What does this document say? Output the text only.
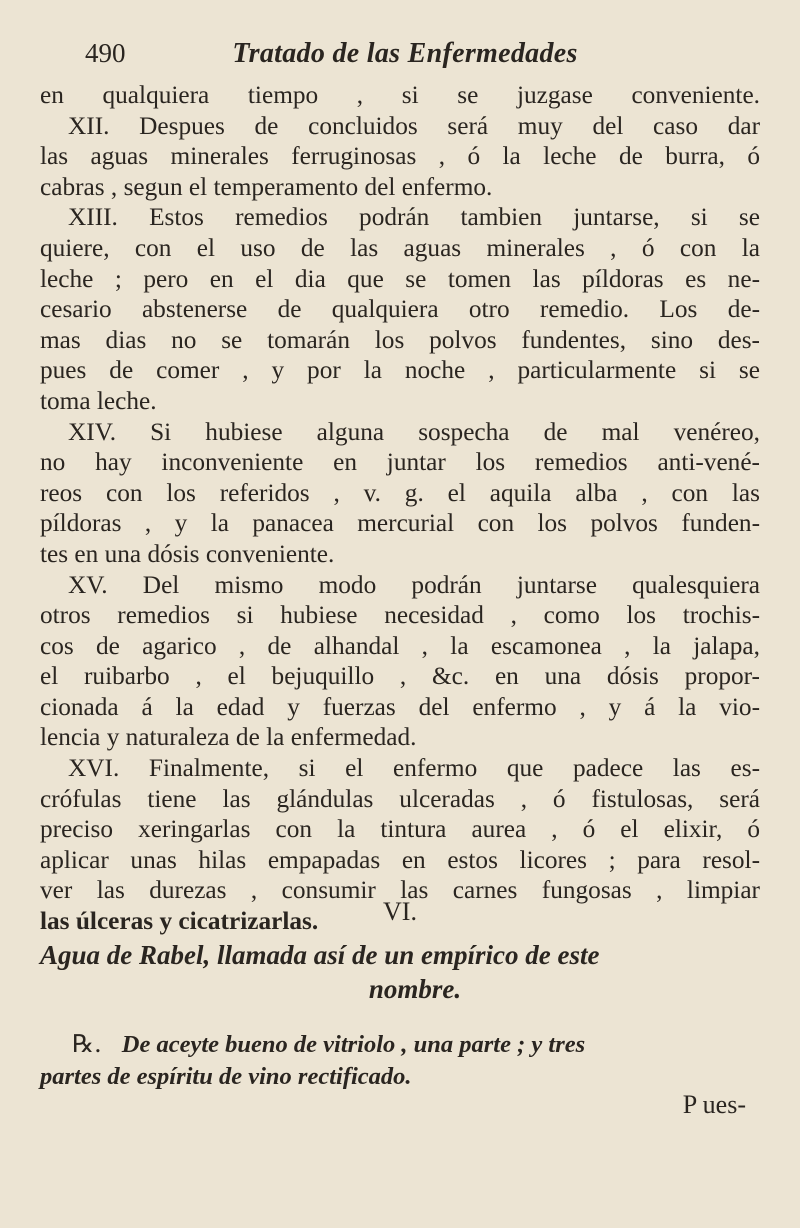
490	Tratado de las Enfermedades
en qualquiera tiempo , si se juzgase conveniente.
XII. Despues de concluidos será muy del caso dar
las aguas minerales ferruginosas , ó la leche de burra, ó
cabras , segun el temperamento del enfermo.
XIII. Estos remedios podrán tambien juntarse, si se
quiere, con el uso de las aguas minerales , ó con la
leche ; pero en el dia que se tomen las píldoras es ne-
cesario abstenerse de qualquiera otro remedio. Los de-
mas dias no se tomarán los polvos fundentes, sino des-
pues de comer , y por la noche , particularmente si se
toma leche.
XIV. Si hubiese alguna sospecha de mal venéreo,
no hay inconveniente en juntar los remedios anti-vené-
reos con los referidos , v. g. el aquila alba , con las
píldoras , y la panacea mercurial con los polvos funden-
tes en una dósis conveniente.
XV. Del mismo modo podrán juntarse qualesquiera
otros remedios si hubiese necesidad , como los trochis-
cos de agarico , de alhandal , la escamonea , la jalapa,
el ruibarbo , el bejuquillo , &c. en una dósis propor-
cionada á la edad y fuerzas del enfermo , y á la vio-
lencia y naturaleza de la enfermedad.
XVI. Finalmente, si el enfermo que padece las es-
crófulas tiene las glándulas ulceradas , ó fistulosas, será
preciso xeringarlas con la tintura aurea , ó el elixir, ó
aplicar unas hilas empapadas en estos licores ; para resol-
ver las durezas , consumir las carnes fungosas , limpiar
las úlceras y cicatrizarlas.	VI.
Agua de Rabel, llamada así de un empírico de este
nombre.
℞. De aceyte bueno de vitriolo , una parte ; y tres
partes de espíritu de vino rectificado.
P ues-
